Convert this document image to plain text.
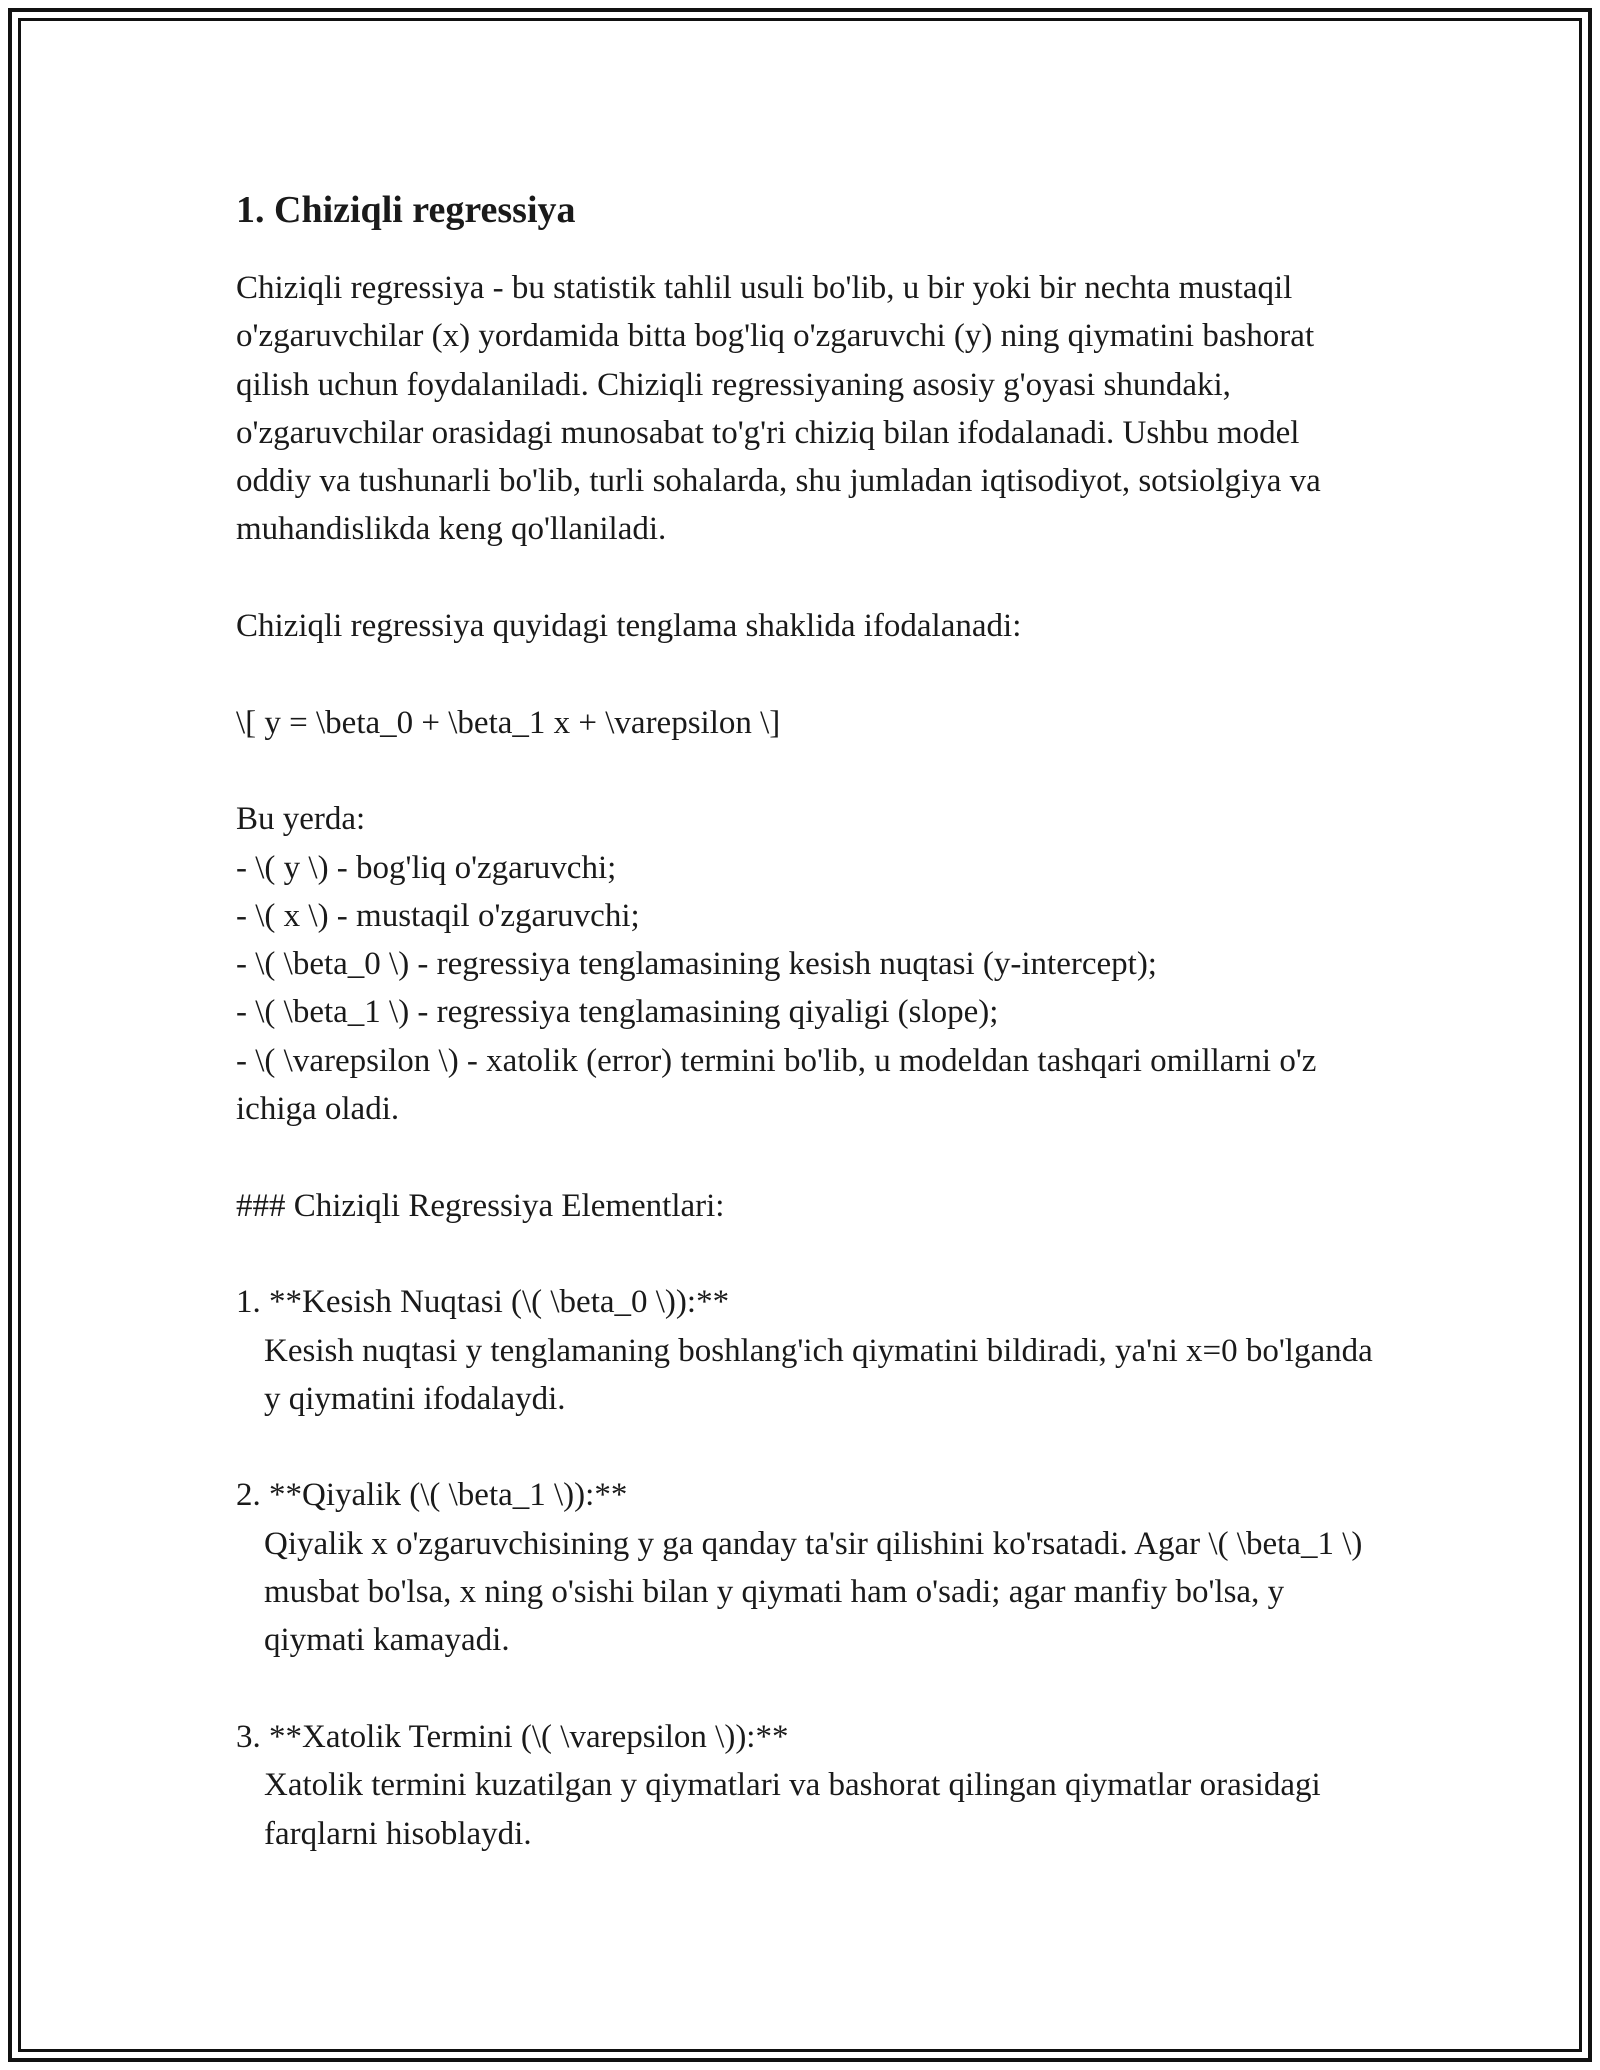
1. Chiziqli regressiya

Chiziqli regressiya - bu statistik tahlil usuli bo'lib, u bir yoki bir nechta mustaqil o'zgaruvchilar (x) yordamida bitta bog'liq o'zgaruvchi (y) ning qiymatini bashorat qilish uchun foydalaniladi. Chiziqli regressiyaning asosiy g'oyasi shundaki, o'zgaruvchilar orasidagi munosabat to'g'ri chiziq bilan ifodalanadi. Ushbu model oddiy va tushunarli bo'lib, turli sohalarda, shu jumladan iqtisodiyot, sotsiolgiya va muhandislikda keng qo'llaniladi.

Chiziqli regressiya quyidagi tenglama shaklida ifodalanadi:

\[ y = \beta_0 + \beta_1 x + \varepsilon \]

Bu yerda:
- \( y \) - bog'liq o'zgaruvchi;
- \( x \) - mustaqil o'zgaruvchi;
- \( \beta_0 \) - regressiya tenglamasining kesish nuqtasi (y-intercept);
- \( \beta_1 \) - regressiya tenglamasining qiyaligi (slope);
- \( \varepsilon \) - xatolik (error) termini bo'lib, u modeldan tashqari omillarni o'z ichiga oladi.

### Chiziqli Regressiya Elementlari:

1. **Kesish Nuqtasi (\( \beta_0 \)):**
Kesish nuqtasi y tenglamaning boshlang'ich qiymatini bildiradi, ya'ni x=0 bo'lganda y qiymatini ifodalaydi.
2. **Qiyalik (\( \beta_1 \)):**
Qiyalik x o'zgaruvchisining y ga qanday ta'sir qilishini ko'rsatadi. Agar \( \beta_1 \) musbat bo'lsa, x ning o'sishi bilan y qiymati ham o'sadi; agar manfiy bo'lsa, y qiymati kamayadi.
3. **Xatolik Termini (\( \varepsilon \)):**
Xatolik termini kuzatilgan y qiymatlari va bashorat qilingan qiymatlar orasidagi farqlarni hisoblaydi.
